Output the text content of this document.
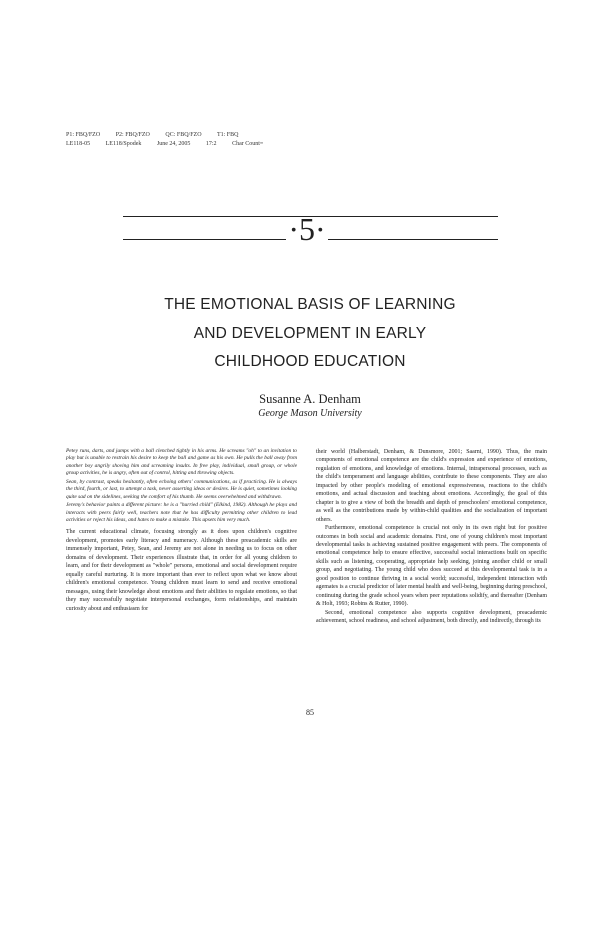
P1: FBQ/FZO	P2: FBQ/FZO	QC: FBQ/FZO	T1: FBQ
LE118-05	LE118/Spodek	June 24, 2005	17:2	Char Count=
·5·
THE EMOTIONAL BASIS OF LEARNING
AND DEVELOPMENT IN EARLY
CHILDHOOD EDUCATION
Susanne A. Denham
George Mason University

Petey runs, darts, and jumps with a ball clenched tightly in his arms. He screams "oh" to an invitation to play but is unable to restrain his desire to keep the ball and game as his own. He pulls the ball away from another boy angrily shoving him and screaming insults. In free play, individual, small group, or whole group activities, he is angry, often out of control, hitting and throwing objects.

Sean, by contrast, speaks hesitantly, often echoing others' communications, as if practicing. He is always the third, fourth, or last, to attempt a task, never asserting ideas or desires. He is quiet, sometimes looking quite sad on the sidelines, seeking the comfort of his thumb. He seems overwhelmed and withdrawn.

Jeremy's behavior paints a different picture: he is a "hurried child" (Elkind, 1982). Although he plays and interacts with peers fairly well, teachers note that he has difficulty permitting other children to lead activities or reject his ideas, and hates to make a mistake. This upsets him very much.

The current educational climate, focusing strongly as it does upon children's cognitive development, promotes early literacy and numeracy. Although these preacademic skills are immensely important, Petey, Sean, and Jeremy are not alone in needing us to focus on other domains of development. Their experiences illustrate that, in order for all young children to learn, and for their development as "whole" persons, emotional and social development require equally careful nurturing. It is more important than ever to reflect upon what we know about children's emotional competence. Young children must learn to send and receive emotional messages, using their knowledge about emotions and their abilities to regulate emotions, so that they may successfully negotiate interpersonal exchanges, form relationships, and maintain curiosity about and enthusiasm for

their world (Halberstadt, Denham, & Dunsmore, 2001; Saarni, 1990). Thus, the main components of emotional competence are the child's expression and experience of emotions, regulation of emotions, and knowledge of emotions. Internal, intrapersonal processes, such as the child's temperament and language abilities, contribute to these components. They are also impacted by other people's modeling of emotional expressiveness, reactions to the child's emotions, and actual discussion and teaching about emotions. Accordingly, the goal of this chapter is to give a view of both the breadth and depth of preschoolers' emotional competence, as well as the contributions made by within-child qualities and the socialization of important others.

Furthermore, emotional competence is crucial not only in its own right but for positive outcomes in both social and academic domains. First, one of young children's most important developmental tasks is achieving sustained positive engagement with peers. The components of emotional competence help to ensure effective, successful social interactions built on specific skills such as listening, cooperating, appropriate help seeking, joining another child or small group, and negotiating. The young child who does succeed at this developmental task is in a good position to continue thriving in a social world; successful, independent interaction with agemates is a crucial predictor of later mental health and well-being, beginning during preschool, continuing during the grade school years when peer reputations solidify, and thereafter (Denham & Holt, 1993; Robins & Rutter, 1990).

Second, emotional competence also supports cognitive development, preacademic achievement, school readiness, and school adjustment, both directly, and indirectly, through its

85
